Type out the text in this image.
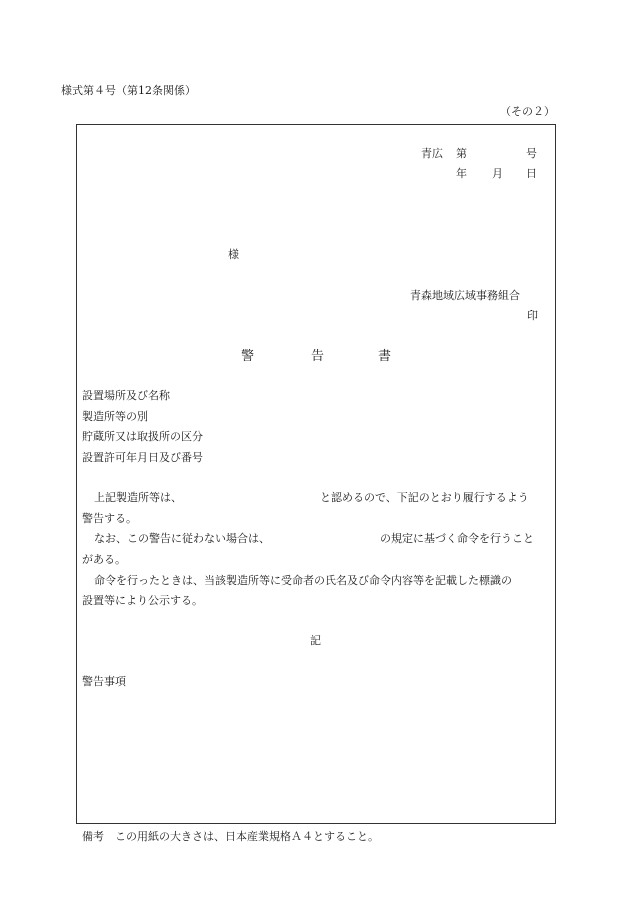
様式第４号（第12条関係）
（その２）
青広 第	号
年 月 日
様
青森地域広域事務組合
印
警	告	書
設置場所及び名称
製造所等の別
貯蔵所又は取扱所の区分
設置許可年月日及び番号
上記製造所等は、	と認めるので、下記のとおり履行するよう
警告する。
なお、この警告に従わない場合は、	の規定に基づく命令を行うこと
がある。
命令を行ったときは、当該製造所等に受命者の氏名及び命令内容等を記載した標識の
設置等により公示する。
記
警告事項
備考　この用紙の大きさは、日本産業規格Ａ４とすること。
